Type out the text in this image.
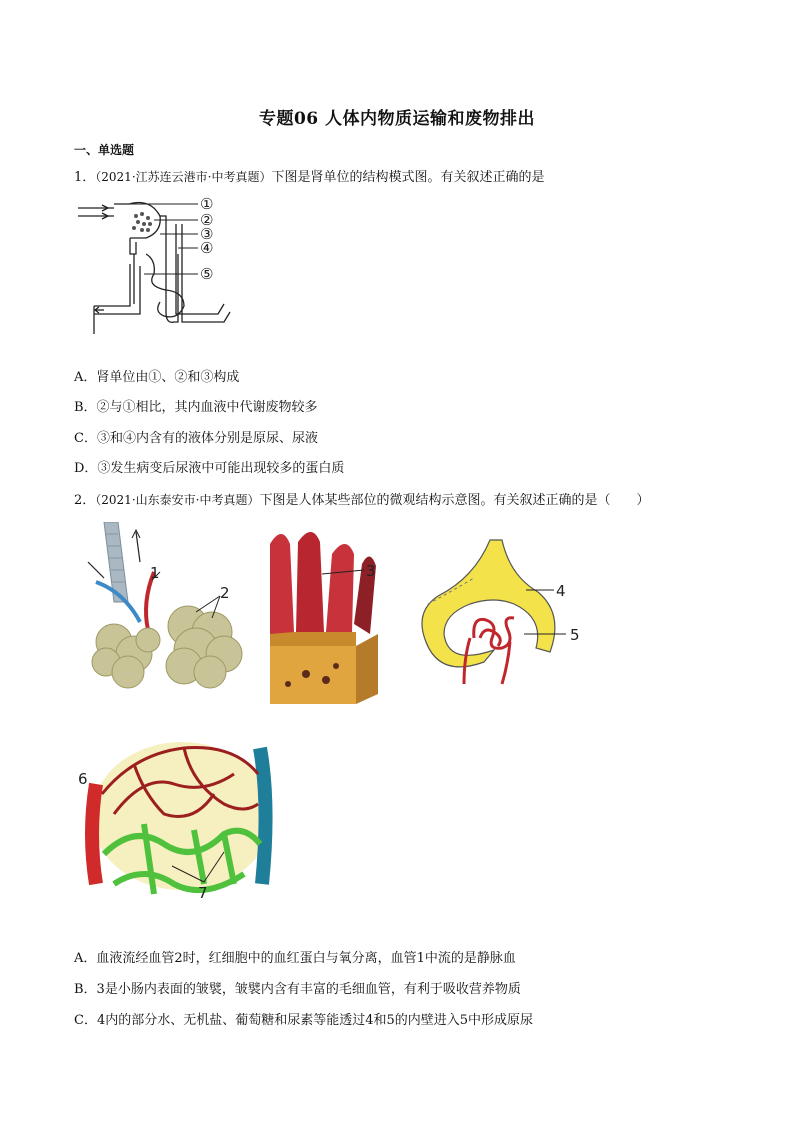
专题06 人体内物质运输和废物排出
一、单选题
1．（2021·江苏连云港市·中考真题）下图是肾单位的结构模式图。有关叙述正确的是
①
②
③
④
⑤
A．肾单位由①、②和③构成
B．②与①相比，其内血液中代谢废物较多
C．③和④内含有的液体分别是原尿、尿液
D．③发生病变后尿液中可能出现较多的蛋白质
2．（2021·山东泰安市·中考真题）下图是人体某些部位的微观结构示意图。有关叙述正确的是（　　）
1
2
3
4
5
6
7
A．血液流经血管2时，红细胞中的血红蛋白与氧分离，血管1中流的是静脉血
B．3是小肠内表面的皱襞，皱襞内含有丰富的毛细血管，有利于吸收营养物质
C．4内的部分水、无机盐、葡萄糖和尿素等能透过4和5的内壁进入5中形成原尿
